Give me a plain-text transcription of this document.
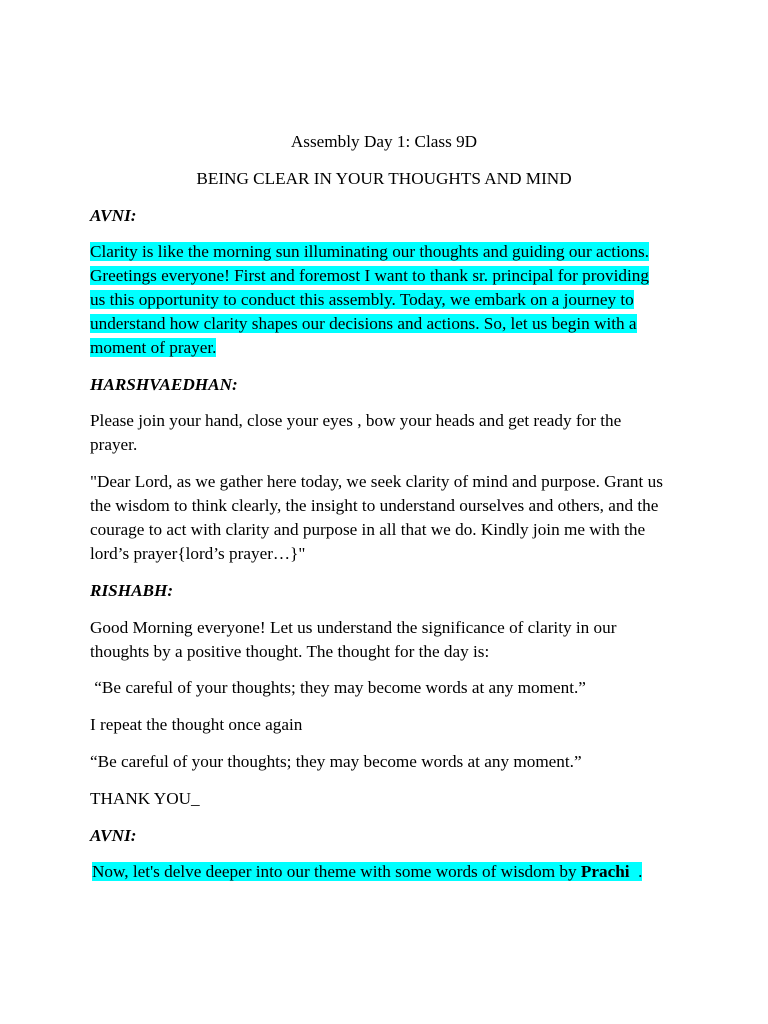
Assembly Day 1: Class 9D

BEING CLEAR IN YOUR THOUGHTS AND MIND

AVNI:

Clarity is like the morning sun illuminating our thoughts and guiding our actions.

Greetings everyone! First and foremost I want to thank sr. principal for providing

us this opportunity to conduct this assembly. Today, we embark on a journey to

understand how clarity shapes our decisions and actions. So, let us begin with a

moment of prayer.

HARSHVAEDHAN:

Please join your hand, close your eyes , bow your heads and get ready for the

prayer.

"Dear Lord, as we gather here today, we seek clarity of mind and purpose. Grant us

the wisdom to think clearly, the insight to understand ourselves and others, and the

courage to act with clarity and purpose in all that we do. Kindly join me with the

lord’s prayer{lord’s prayer…}"

RISHABH:

Good Morning everyone! Let us understand the significance of clarity in our

thoughts by a positive thought. The thought for the day is:

“Be careful of your thoughts; they may become words at any moment.”

I repeat the thought once again

“Be careful of your thoughts; they may become words at any moment.”

THANK YOU_

AVNI:

Now, let's delve deeper into our theme with some words of wisdom by Prachi  .
